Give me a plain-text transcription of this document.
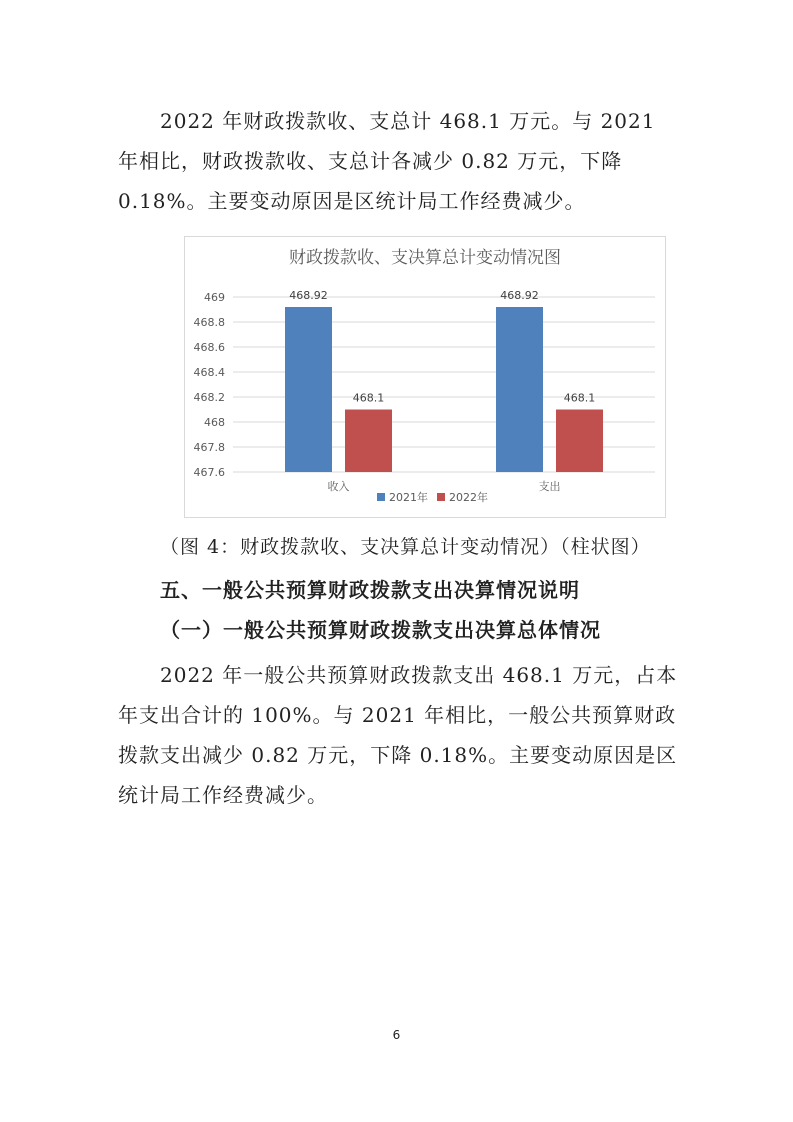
2022 年财政拨款收、支总计 468.1 万元。与 2021 年相比，财政拨款收、支总计各减少 0.82 万元，下降 0.18%。主要变动原因是区统计局工作经费减少。

财政拨款收、支决算总计变动情况图
467.6
467.8
468
468.2
468.4
468.6
468.8
469	468.92
468.1
收入
468.92
468.1
支出
2021年 2022年
（图 4：财政拨款收、支决算总计变动情况）（柱状图）
五、一般公共预算财政拨款支出决算情况说明
（一）一般公共预算财政拨款支出决算总体情况

2022 年一般公共预算财政拨款支出 468.1 万元，占本年支出合计的 100%。与 2021 年相比，一般公共预算财政拨款支出减少 0.82 万元，下降 0.18%。主要变动原因是区统计局工作经费减少。

6
